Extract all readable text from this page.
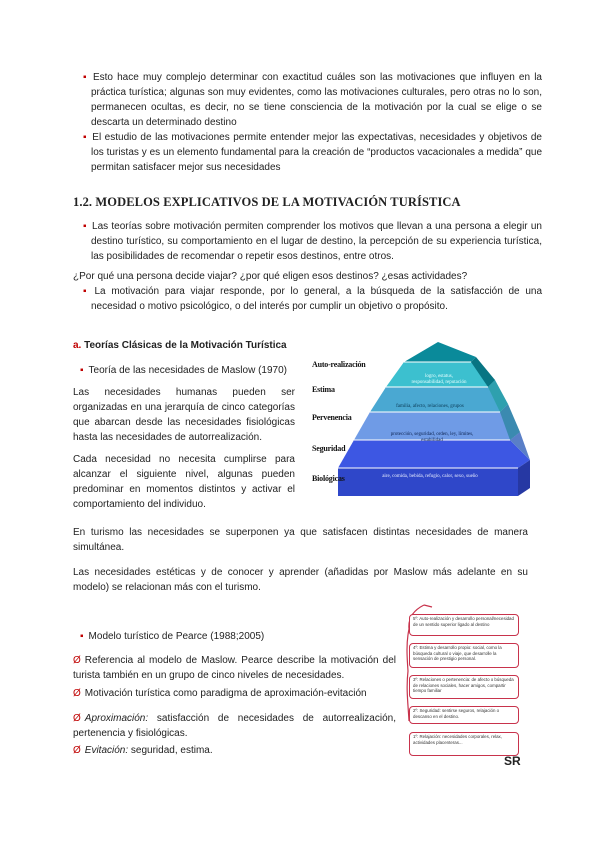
▪ Esto hace muy complejo determinar con exactitud cuáles son las motivaciones que influyen en la práctica turística; algunas son muy evidentes, como las motivaciones culturales, pero otras no lo son, permanecen ocultas, es decir, no se tiene consciencia de la motivación por la cual se elige o se descarta un determinado destino
▪ El estudio de las motivaciones permite entender mejor las expectativas, necesidades y objetivos de los turistas y es un elemento fundamental para la creación de “productos vacacionales a medida” que permitan satisfacer mejor sus necesidades
1.2. MODELOS EXPLICATIVOS DE LA MOTIVACIÓN TURÍSTICA
▪ Las teorías sobre motivación permiten comprender los motivos que llevan a una persona a elegir un destino turístico, su comportamiento en el lugar de destino, la percepción de su experiencia turística, las posibilidades de recomendar o repetir esos destinos, entre otros.
¿Por qué una persona decide viajar? ¿por qué eligen esos destinos? ¿esas actividades?
▪ La motivación para viajar responde, por lo general, a la búsqueda de la satisfacción de una necesidad o motivo psicológico, o del interés por cumplir un objetivo o propósito.
a. Teorías Clásicas de la Motivación Turística
▪ Teoría de las necesidades de Maslow (1970)
Las necesidades humanas pueden ser organizadas en una jerarquía de cinco categorías que abarcan desde las necesidades fisiológicas hasta las necesidades de autorrealización.
Cada necesidad no necesita cumplirse para alcanzar el siguiente nivel, algunas pueden predominar en momentos distintos y activar el comportamiento del individuo.
Auto-realización
Estima
Pervenencia
Seguridad
Biológicas
logro, estatus, responsabilidad, reputación
familia, afecto, relaciones, grupos
protección, seguridad, orden, ley, límites, estabilidad
aire, comida, bebida, refugio, calor, sexo, sueño
En turismo las necesidades se superponen ya que satisfacen distintas necesidades de manera simultánea.
Las necesidades estéticas y de conocer y aprender (añadidas por Maslow más adelante en su modelo) se relacionan más con el turismo.
▪ Modelo turístico de Pearce (1988;2005)
Ø Referencia al modelo de Maslow. Pearce describe la motivación del turista también en un grupo de cinco niveles de necesidades.
Ø Motivación turística como paradigma de aproximación-evitación
Ø Aproximación: satisfacción de necesidades de autorrealización, pertenencia y fisiológicas.
Ø Evitación: seguridad, estima.
5º: Auto-realización y desarrollo personal/necesidad de un sentido superior ligado al destino
4º: Estima y desarrollo propio: social, como la búsqueda cultural o viaje, que desarrolle la sensación de prestigio personal.
3º: Relaciones o pertenencia: de afecto o búsqueda de relaciones sociales, hacer amigos, compartir tiempo familiar
2º: Seguridad: sentirse seguros, relajación o descanso en el destino.
1º: Relajación: necesidades corporales, relax, actividades placenteras...
SR
